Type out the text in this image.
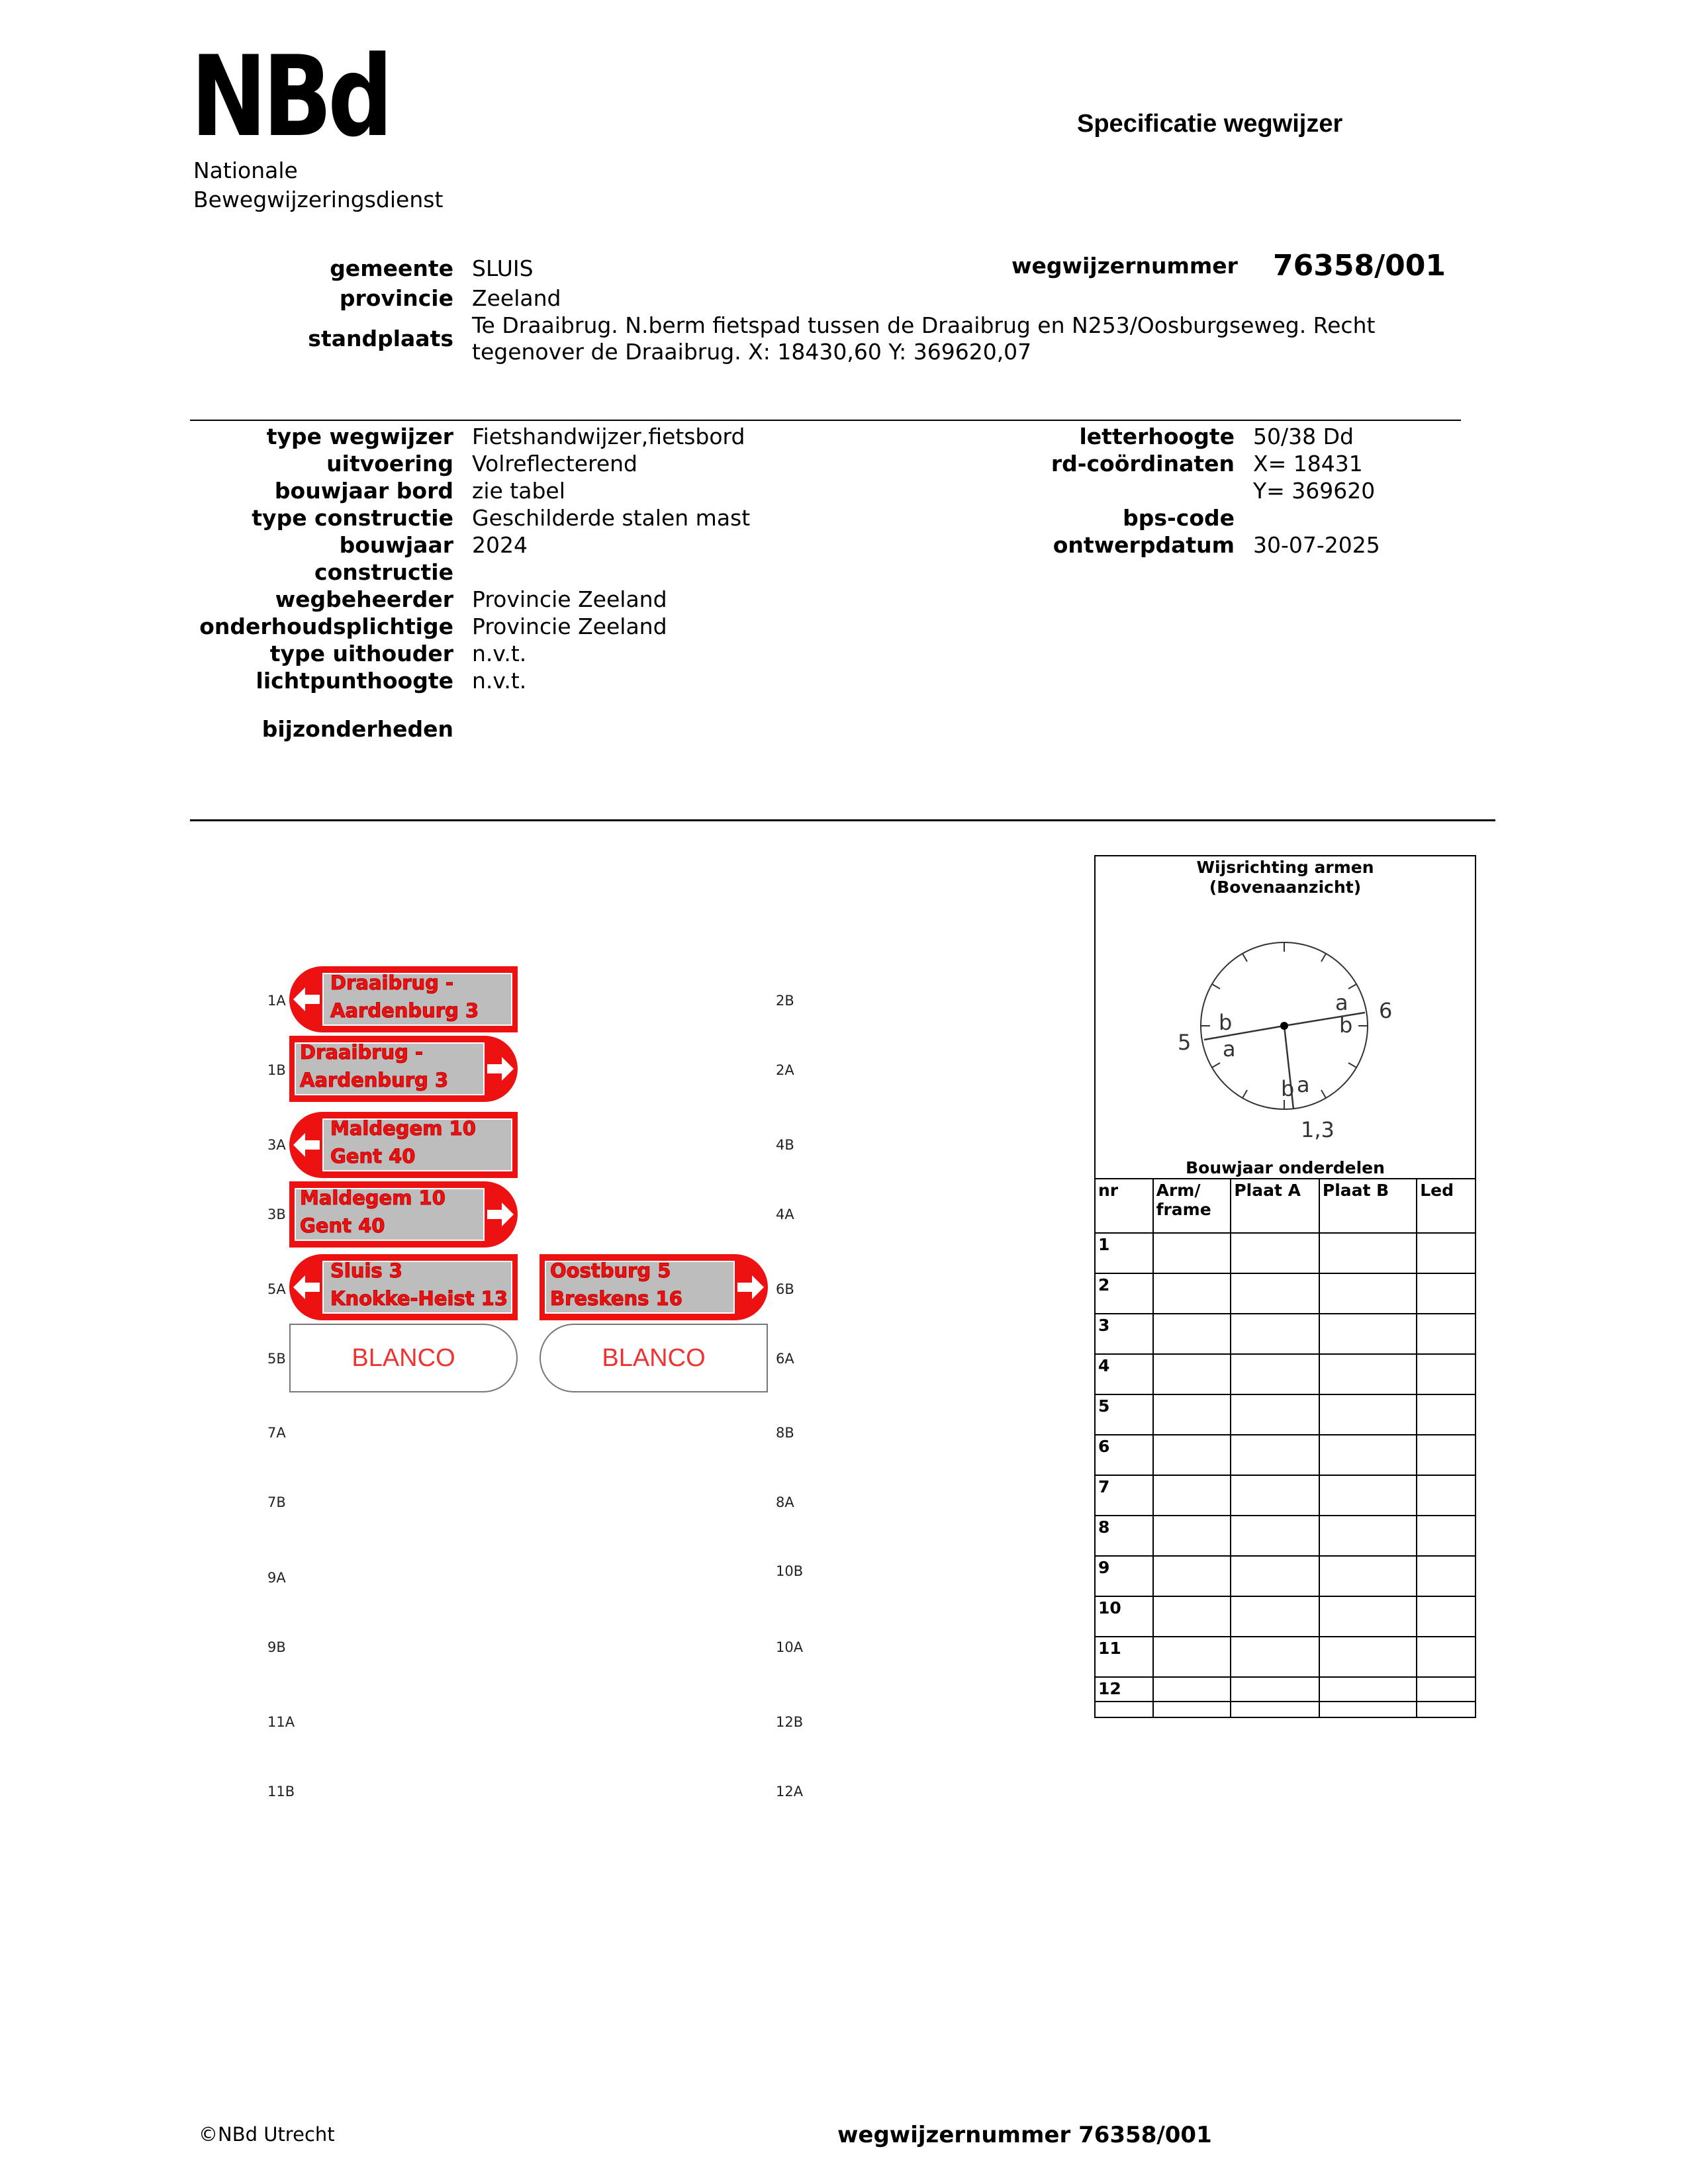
NBd
Nationale
Bewegwijzeringsdienst
Specificatie wegwijzer
gemeente SLUIS
provincie Zeeland
standplaats
Te Draaibrug. N.berm fietspad tussen de Draaibrug en N253/Oosburgseweg. Recht
tegenover de Draaibrug. X: 18430,60 Y: 369620,07
wegwijzernummer 76358/001
type wegwijzer Fietshandwijzer,fietsbord
uitvoering Volreflecterend
bouwjaar bord zie tabel
type constructie Geschilderde stalen mast
bouwjaar 2024
constructie
wegbeheerder Provincie Zeeland
onderhoudsplichtige Provincie Zeeland
type uithouder n.v.t.
lichtpunthoogte n.v.t.
bijzonderheden
letterhoogte 50/38 Dd
rd-coördinaten X= 18431
Y= 369620
bps-code
ontwerpdatum 30-07-2025
1A
1B
3A
3B
5A
5B
7A
7B
9A
9B
11A
11B
2B
2A
4B
4A
6B
6A
8B
8A
10B
10A
12B
12A
Draaibrug -
Aardenburg 3
Draaibrug -
Aardenburg 3
Maldegem 10
Gent 40
Maldegem 10
Gent 40
Sluis 3
Knokke-Heist 13
Oostburg 5
Breskens 16
BLANCO	BLANCO
Wijsrichting armen
(Bovenaanzicht)
5
6
1,3
b
a
a
b
b a
Bouwjaar onderdelen
nr	Arm/ frame	Plaat A	Plaat B	Led
1				
2				
3				
4				
5				
6				
7				
8				
9				
10				
11				
12				
©NBd Utrecht	wegwijzernummer 76358/001
